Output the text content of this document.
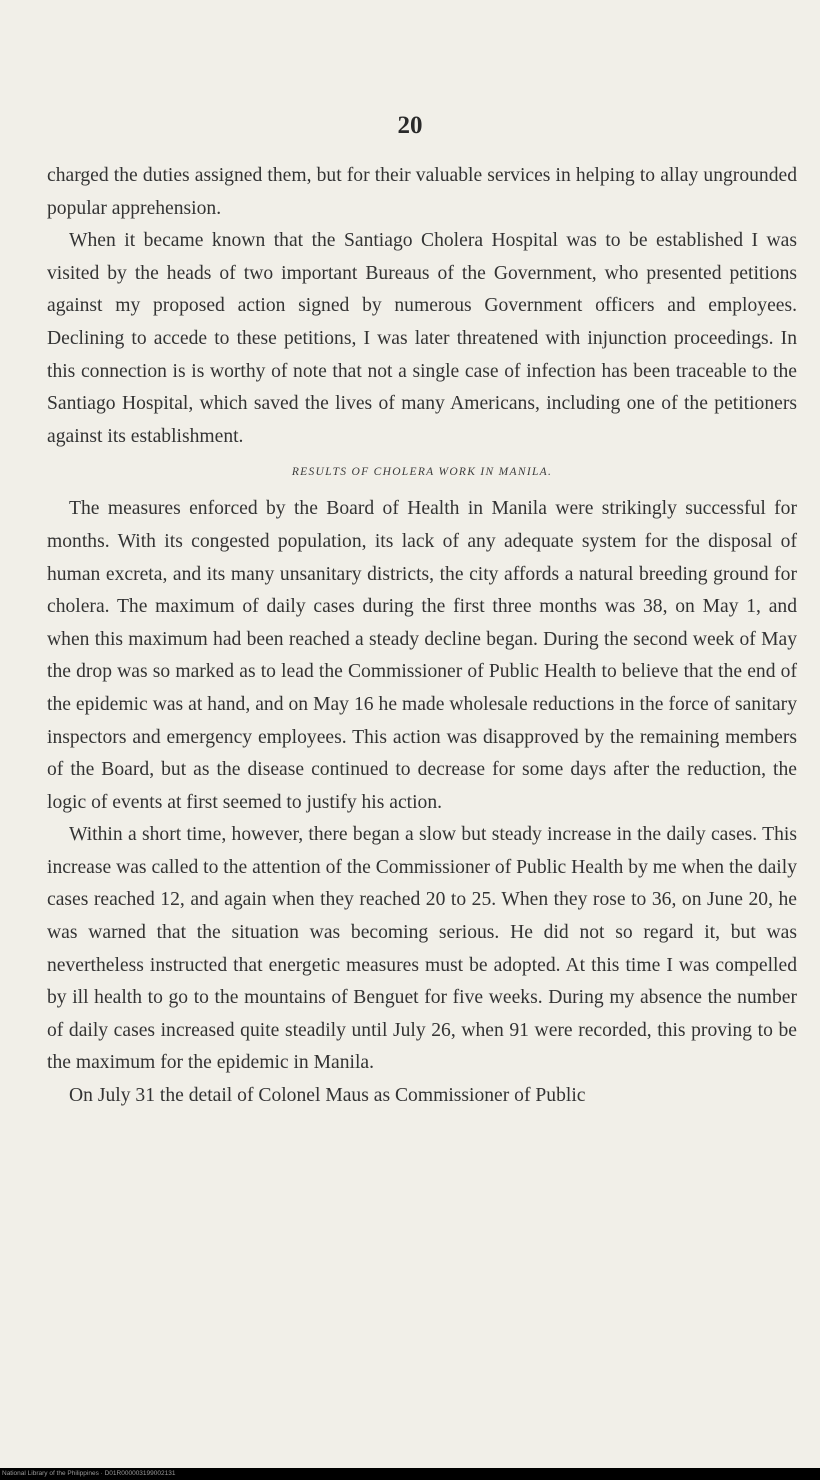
20

charged the duties assigned them, but for their valuable services in helping to allay ungrounded popular apprehension.

When it became known that the Santiago Cholera Hospital was to be established I was visited by the heads of two important Bureaus of the Government, who presented petitions against my proposed action signed by numerous Government officers and employees. Declining to accede to these petitions, I was later threatened with injunction proceedings. In this connection is is worthy of note that not a single case of infection has been traceable to the Santiago Hospital, which saved the lives of many Americans, including one of the petitioners against its establishment.

RESULTS OF CHOLERA WORK IN MANILA.

The measures enforced by the Board of Health in Manila were strikingly successful for months. With its congested population, its lack of any adequate system for the disposal of human excreta, and its many unsanitary districts, the city affords a natural breeding ground for cholera. The maximum of daily cases during the first three months was 38, on May 1, and when this maximum had been reached a steady decline began. During the second week of May the drop was so marked as to lead the Commissioner of Public Health to believe that the end of the epidemic was at hand, and on May 16 he made wholesale reductions in the force of sanitary inspectors and emergency employees. This action was disapproved by the remaining members of the Board, but as the disease continued to decrease for some days after the reduction, the logic of events at first seemed to justify his action.

Within a short time, however, there began a slow but steady increase in the daily cases. This increase was called to the attention of the Commissioner of Public Health by me when the daily cases reached 12, and again when they reached 20 to 25. When they rose to 36, on June 20, he was warned that the situation was becoming serious. He did not so regard it, but was nevertheless instructed that energetic measures must be adopted. At this time I was compelled by ill health to go to the mountains of Benguet for five weeks. During my absence the number of daily cases increased quite steadily until July 26, when 91 were recorded, this proving to be the maximum for the epidemic in Manila.

On July 31 the detail of Colonel Maus as Commissioner of Public

National Library of the Philippines · D01R000003199002131
